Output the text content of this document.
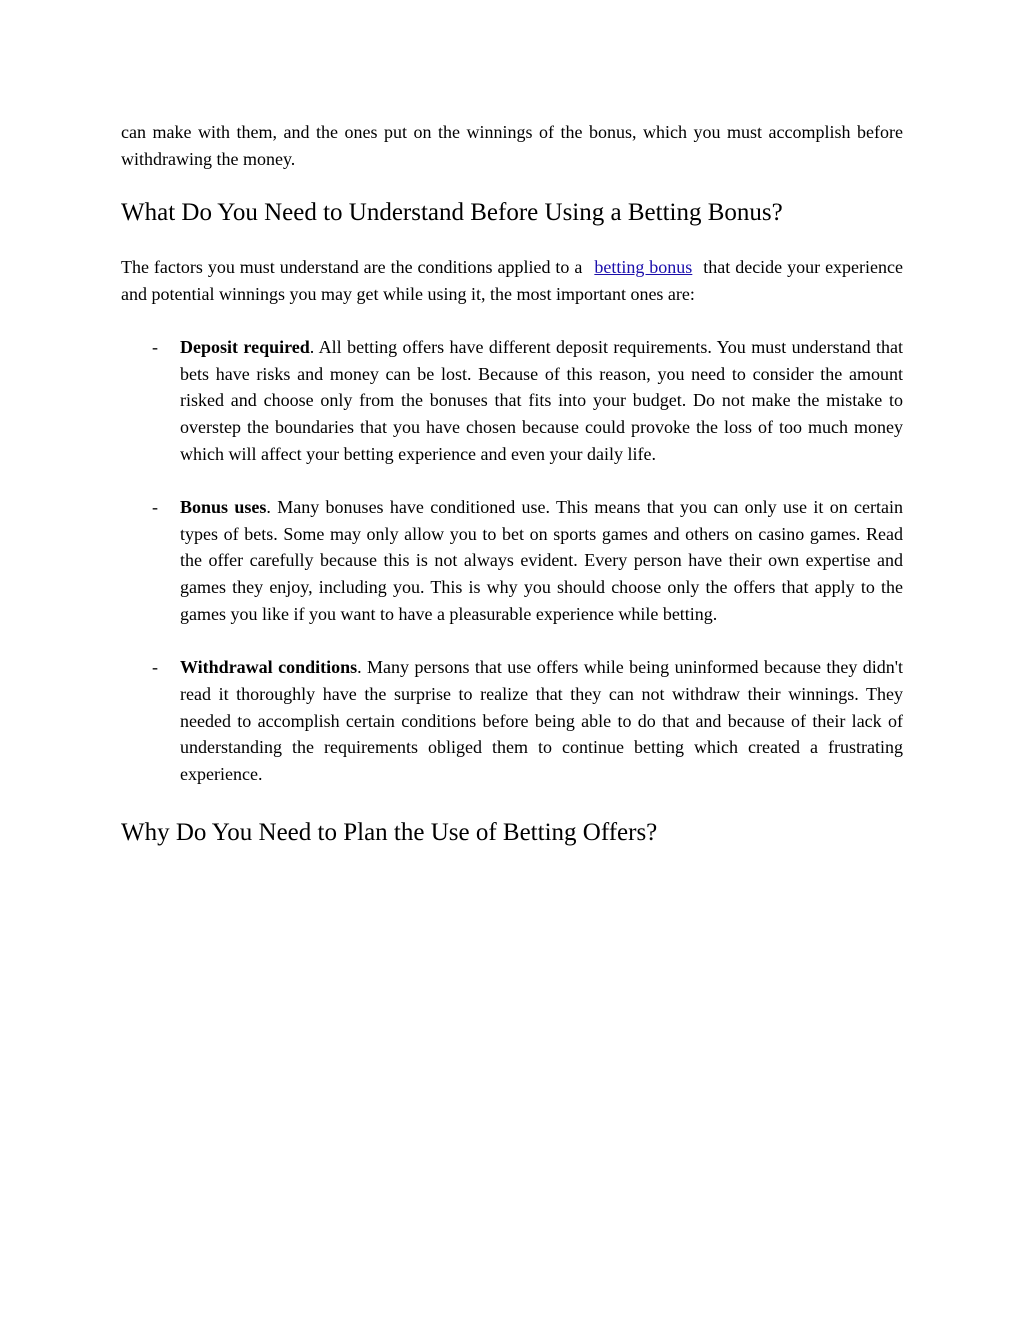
can make with them, and the ones put on the winnings of the bonus, which you must accomplish before withdrawing the money.

What Do You Need to Understand Before Using a Betting Bonus?

The factors you must understand are the conditions applied to a betting bonus that decide your experience and potential winnings you may get while using it, the most important ones are:

- Deposit required. All betting offers have different deposit requirements. You must understand that bets have risks and money can be lost. Because of this reason, you need to consider the amount risked and choose only from the bonuses that fits into your budget. Do not make the mistake to overstep the boundaries that you have chosen because could provoke the loss of too much money which will affect your betting experience and even your daily life.

- Bonus uses. Many bonuses have conditioned use. This means that you can only use it on certain types of bets. Some may only allow you to bet on sports games and others on casino games. Read the offer carefully because this is not always evident. Every person have their own expertise and games they enjoy, including you. This is why you should choose only the offers that apply to the games you like if you want to have a pleasurable experience while betting.

- Withdrawal conditions. Many persons that use offers while being uninformed because they didn't read it thoroughly have the surprise to realize that they can not withdraw their winnings. They needed to accomplish certain conditions before being able to do that and because of their lack of understanding the requirements obliged them to continue betting which created a frustrating experience.

Why Do You Need to Plan the Use of Betting Offers?
